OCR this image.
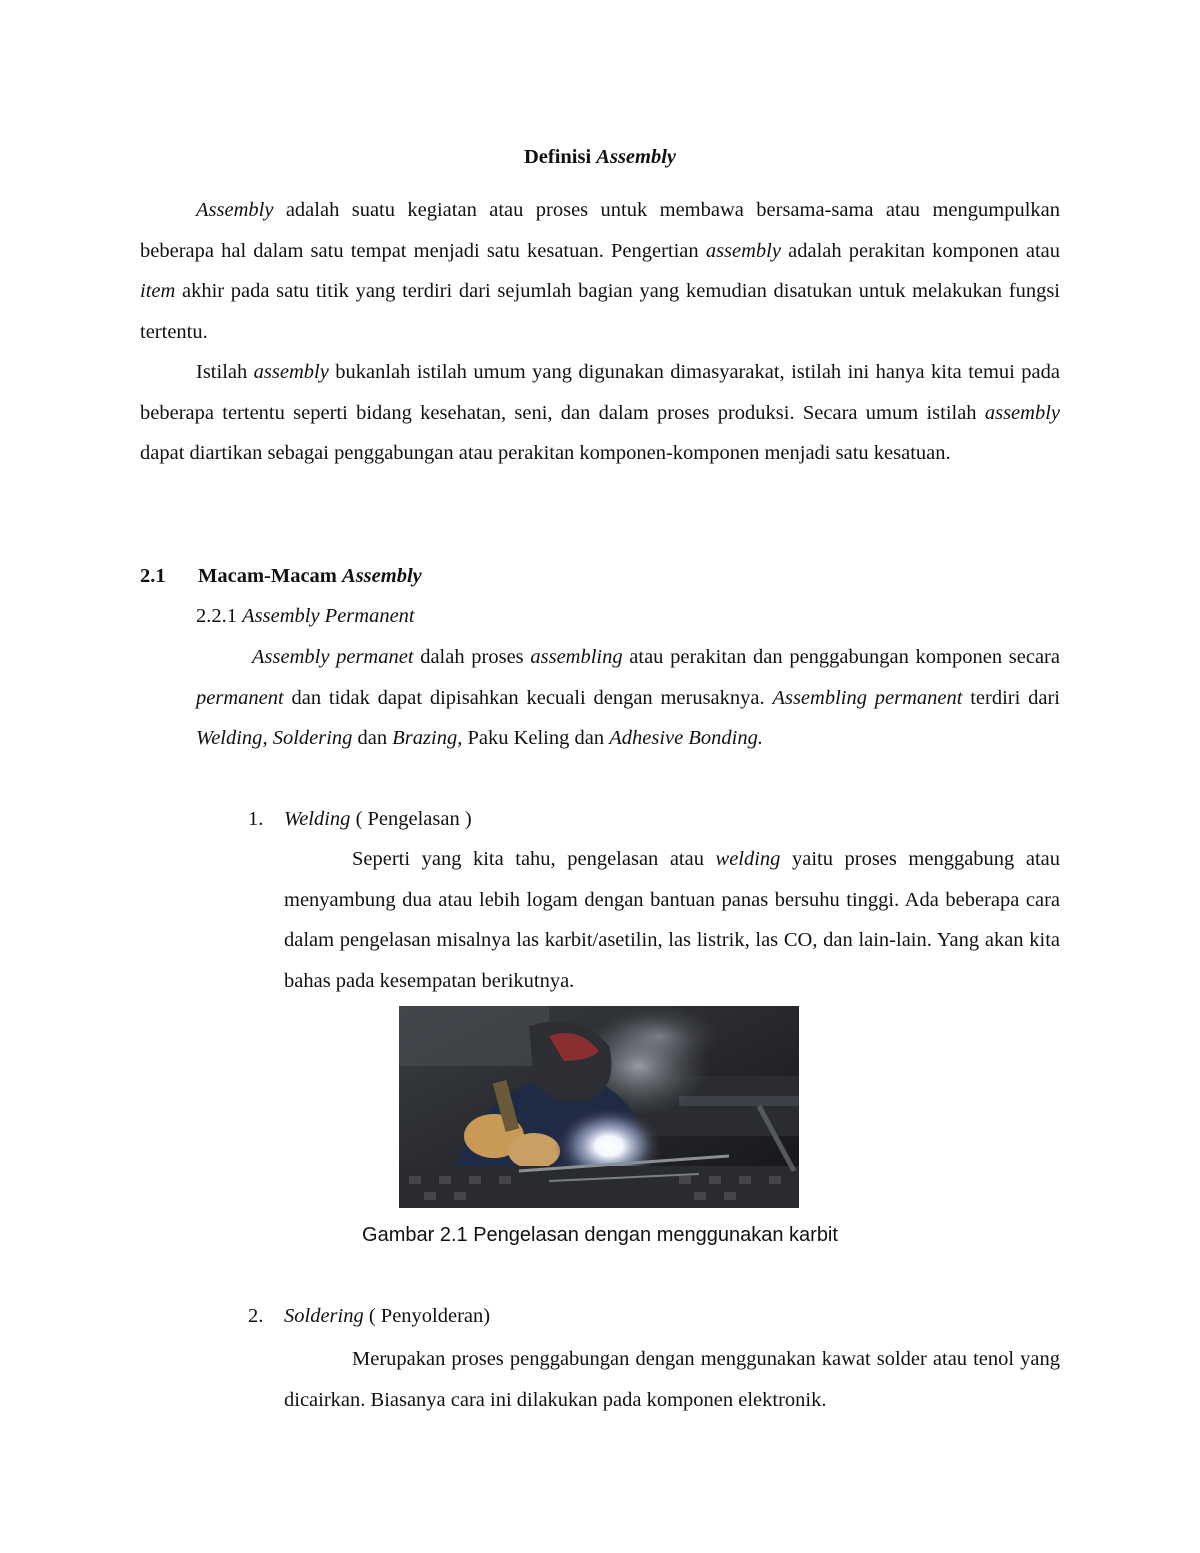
Definisi Assembly

Assembly adalah suatu kegiatan atau proses untuk membawa bersama-sama atau mengumpulkan beberapa hal dalam satu tempat menjadi satu kesatuan. Pengertian assembly adalah perakitan komponen atau item akhir pada satu titik yang terdiri dari sejumlah bagian yang kemudian disatukan untuk melakukan fungsi tertentu.

Istilah assembly bukanlah istilah umum yang digunakan dimasyarakat, istilah ini hanya kita temui pada beberapa tertentu seperti bidang kesehatan, seni, dan dalam proses produksi. Secara umum istilah assembly dapat diartikan sebagai penggabungan atau perakitan komponen-komponen menjadi satu kesatuan.

2.1 Macam-Macam Assembly
2.2.1 Assembly Permanent

Assembly permanet dalah proses assembling atau perakitan dan penggabungan komponen secara permanent dan tidak dapat dipisahkan kecuali dengan merusaknya. Assembling permanent terdiri dari Welding, Soldering dan Brazing, Paku Keling dan Adhesive Bonding.

1. Welding ( Pengelasan )

Seperti yang kita tahu, pengelasan atau welding yaitu proses menggabung atau menyambung dua atau lebih logam dengan bantuan panas bersuhu tinggi. Ada beberapa cara dalam pengelasan misalnya las karbit/asetilin, las listrik, las CO, dan lain-lain. Yang akan kita bahas pada kesempatan berikutnya.

Gambar 2.1 Pengelasan dengan menggunakan karbit
2. Soldering ( Penyolderan)

Merupakan proses penggabungan dengan menggunakan kawat solder atau tenol yang dicairkan. Biasanya cara ini dilakukan pada komponen elektronik.
